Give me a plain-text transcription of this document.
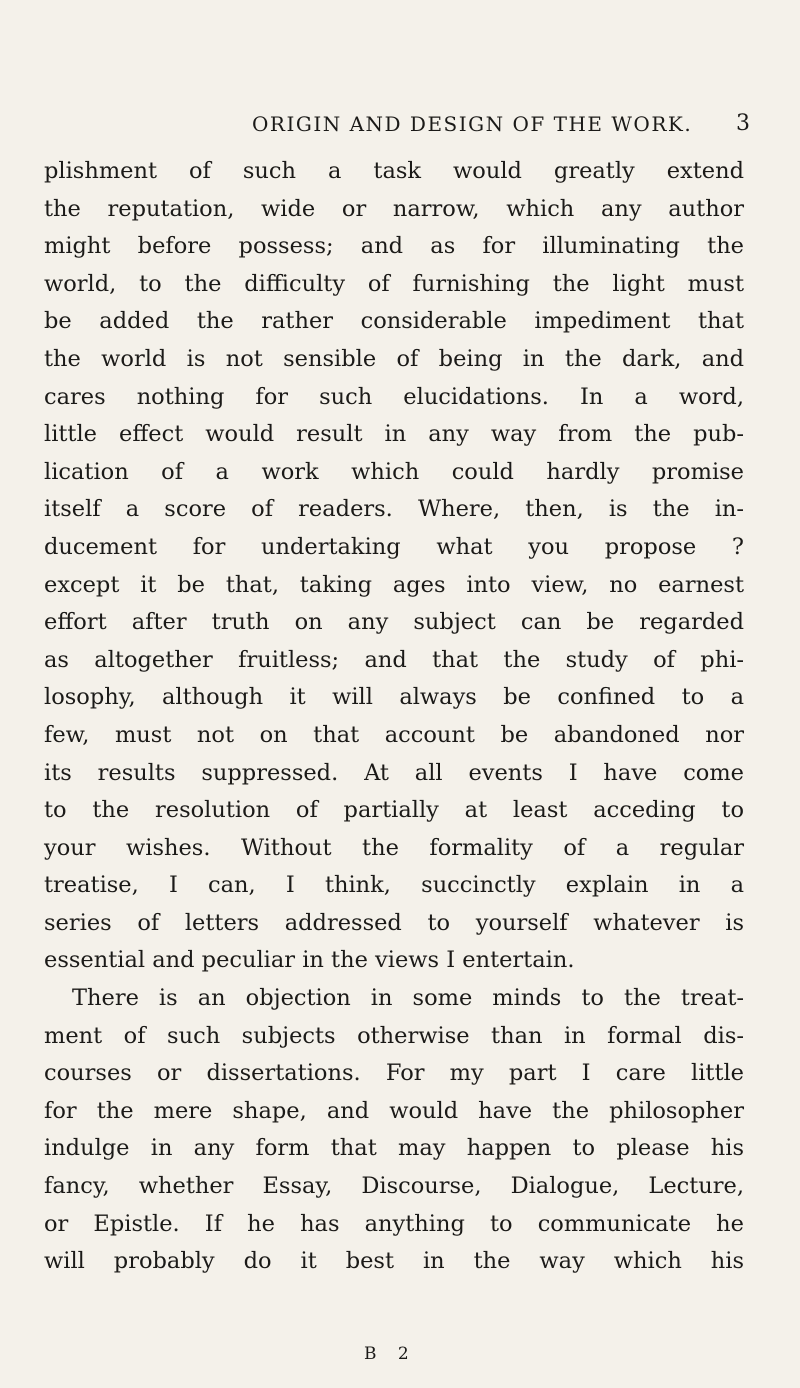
ORIGIN AND DESIGN OF THE WORK. 3
plishment of such a task would greatly extend
the reputation, wide or narrow, which any author
might before possess; and as for illuminating the
world, to the difficulty of furnishing the light must
be added the rather considerable impediment that
the world is not sensible of being in the dark, and
cares nothing for such elucidations. In a word,
little effect would result in any way from the pub-
lication of a work which could hardly promise
itself a score of readers. Where, then, is the in-
ducement for undertaking what you propose ?
except it be that, taking ages into view, no earnest
effort after truth on any subject can be regarded
as altogether fruitless; and that the study of phi-
losophy, although it will always be confined to a
few, must not on that account be abandoned nor
its results suppressed. At all events I have come
to the resolution of partially at least acceding to
your wishes. Without the formality of a regular
treatise, I can, I think, succinctly explain in a
series of letters addressed to yourself whatever is
essential and peculiar in the views I entertain.
There is an objection in some minds to the treat-
ment of such subjects otherwise than in formal dis-
courses or dissertations. For my part I care little
for the mere shape, and would have the philosopher
indulge in any form that may happen to please his
fancy, whether Essay, Discourse, Dialogue, Lecture,
or Epistle. If he has anything to communicate he
will probably do it best in the way which his
B 2
